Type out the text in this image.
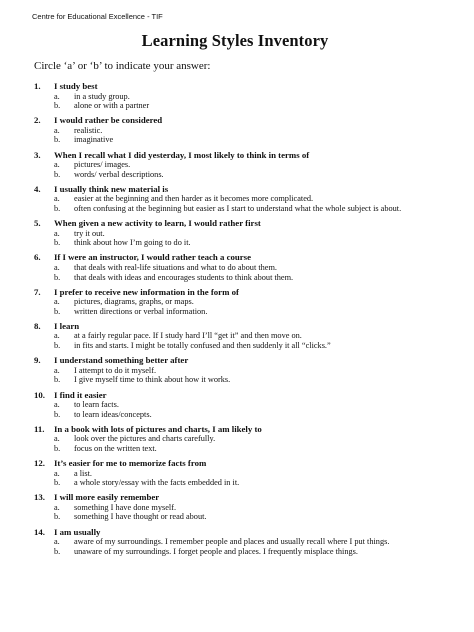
Centre for Educational Excellence - TIF
Learning Styles Inventory
Circle ‘a’ or ‘b’ to indicate your answer:
1.	I study best
a.	in a study group.
b.	alone or with a partner
2.	I would rather be considered
a.	realistic.
b.	imaginative
3.	When I recall what I did yesterday, I most likely to think in terms of
a.	pictures/ images.
b.	words/ verbal descriptions.
4.	I usually think new material is
a.	easier at the beginning and then harder as it becomes more complicated.
b.	often confusing at the beginning but easier as I start to understand what the whole subject is about.
5.	When given a new activity to learn, I would rather first
a.	try it out.
b.	think about how I’m going to do it.
6.	If I were an instructor, I would rather teach a course
a.	that deals with real-life situations and what to do about them.
b.	that deals with ideas and encourages students to think about them.
7.	I prefer to receive new information in the form of
a.	pictures, diagrams, graphs, or maps.
b.	written directions or verbal information.
8.	I learn
a.	at a fairly regular pace. If I study hard I’ll “get it” and then move on.
b.	in fits and starts. I might be totally confused and then suddenly it all “clicks.”
9.	I understand something better after
a.	I attempt to do it myself.
b.	I give myself time to think about how it works.
10.	I find it easier
a.	to learn facts.
b.	to learn ideas/concepts.
11.	In a book with lots of pictures and charts, I am likely to
a.	look over the pictures and charts carefully.
b.	focus on the written text.
12.	It’s easier for me to memorize facts from
a.	a list.
b.	a whole story/essay with the facts embedded in it.
13.	I will more easily remember
a.	something I have done myself.
b.	something I have thought or read about.
14.	I am usually
a.	aware of my surroundings. I remember people and places and usually recall where I put things.
b.	unaware of my surroundings. I forget people and places. I frequently misplace things.
